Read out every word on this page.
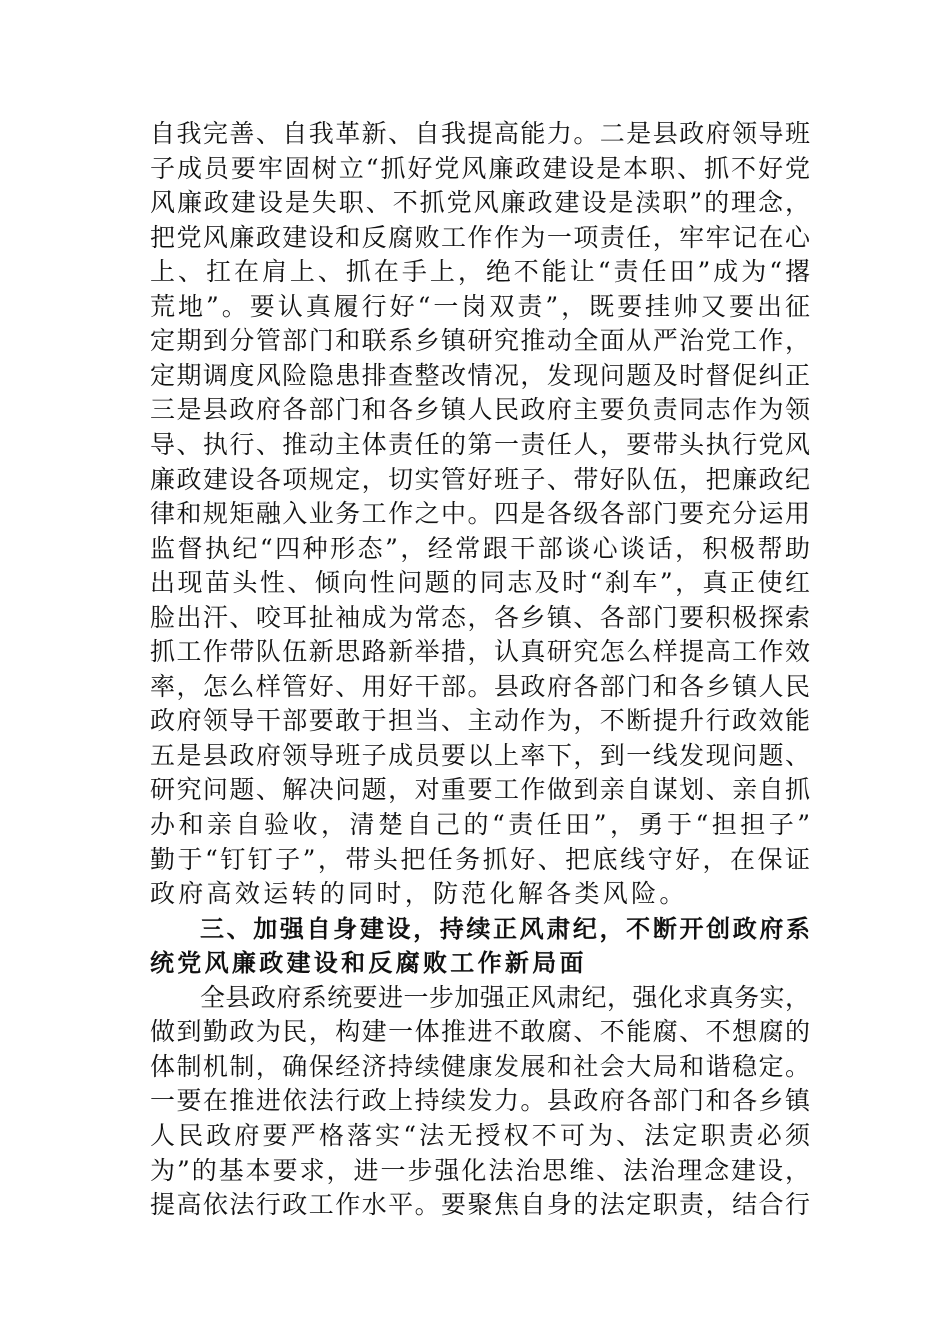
自我完善、自我革新、自我提高能力。二是县政府领导班
子成员要牢固树立“抓好党风廉政建设是本职、抓不好党
风廉政建设是失职、不抓党风廉政建设是渎职”的理念，
把党风廉政建设和反腐败工作作为一项责任，牢牢记在心
上、扛在肩上、抓在手上，绝不能让“责任田”成为“撂
荒地”。要认真履行好“一岗双责”，既要挂帅又要出征
定期到分管部门和联系乡镇研究推动全面从严治党工作，
定期调度风险隐患排查整改情况，发现问题及时督促纠正
三是县政府各部门和各乡镇人民政府主要负责同志作为领
导、执行、推动主体责任的第一责任人，要带头执行党风
廉政建设各项规定，切实管好班子、带好队伍，把廉政纪
律和规矩融入业务工作之中。四是各级各部门要充分运用
监督执纪“四种形态”，经常跟干部谈心谈话，积极帮助
出现苗头性、倾向性问题的同志及时“刹车”，真正使红
脸出汗、咬耳扯袖成为常态，各乡镇、各部门要积极探索
抓工作带队伍新思路新举措，认真研究怎么样提高工作效
率，怎么样管好、用好干部。县政府各部门和各乡镇人民
政府领导干部要敢于担当、主动作为，不断提升行政效能
五是县政府领导班子成员要以上率下，到一线发现问题、
研究问题、解决问题，对重要工作做到亲自谋划、亲自抓
办和亲自验收，清楚自己的“责任田”，勇于“担担子”
勤于“钉钉子”，带头把任务抓好、把底线守好，在保证
政府高效运转的同时，防范化解各类风险。
三、加强自身建设，持续正风肃纪，不断开创政府系
统党风廉政建设和反腐败工作新局面
全县政府系统要进一步加强正风肃纪，强化求真务实，
做到勤政为民，构建一体推进不敢腐、不能腐、不想腐的
体制机制，确保经济持续健康发展和社会大局和谐稳定。
一要在推进依法行政上持续发力。县政府各部门和各乡镇
人民政府要严格落实“法无授权不可为、法定职责必须
为”的基本要求，进一步强化法治思维、法治理念建设，
提高依法行政工作水平。要聚焦自身的法定职责，结合行
